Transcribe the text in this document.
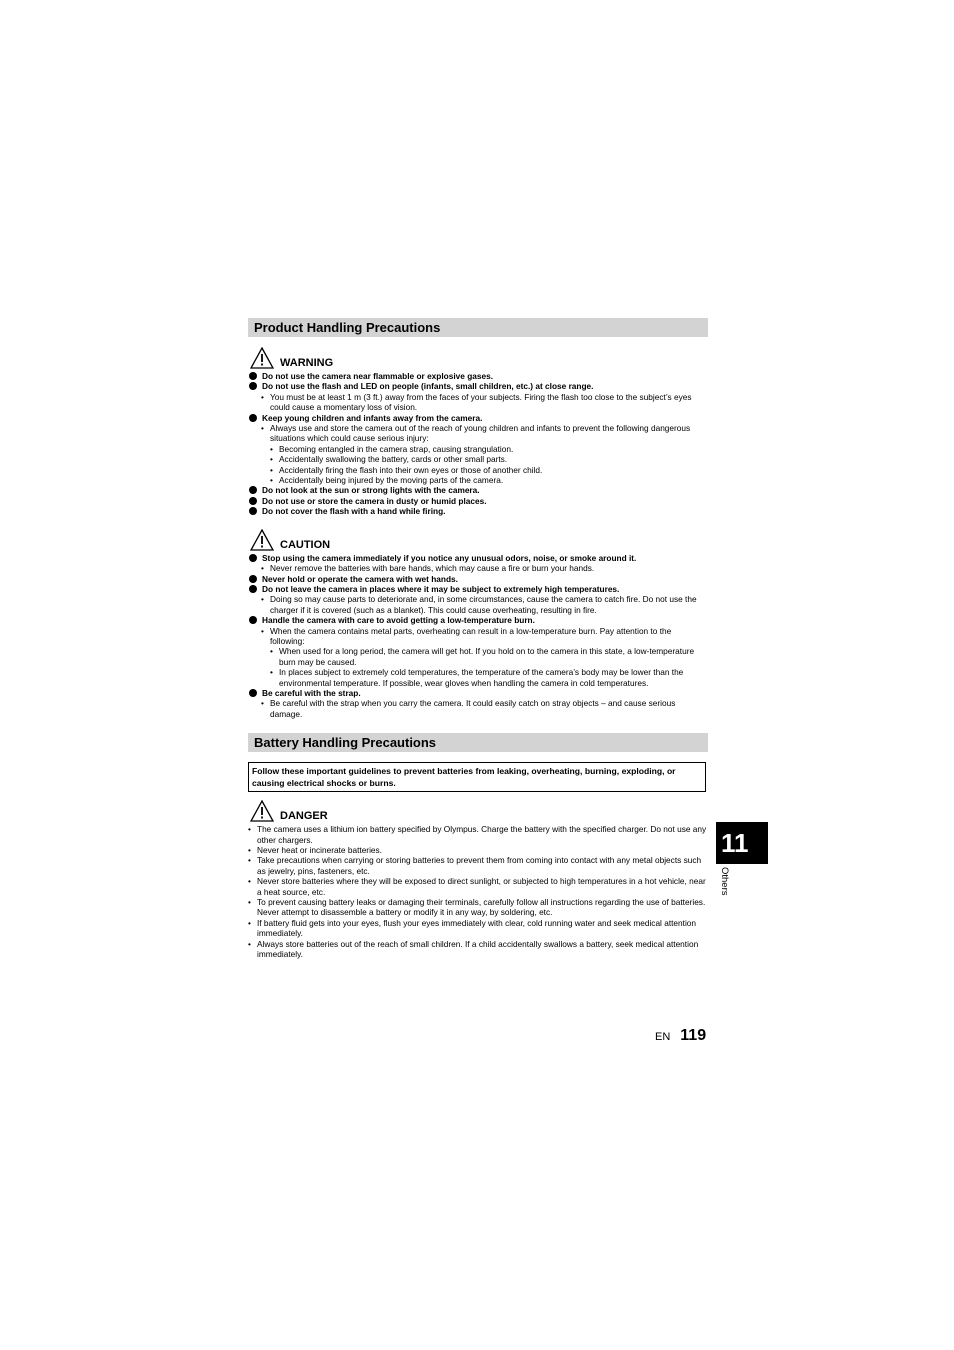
Product Handling Precautions
WARNING
Do not use the camera near flammable or explosive gases.
Do not use the flash and LED on people (infants, small children, etc.) at close range.
• You must be at least 1 m (3 ft.) away from the faces of your subjects. Firing the flash too close to the subject’s eyes could cause a momentary loss of vision.
Keep young children and infants away from the camera.
• Always use and store the camera out of the reach of young children and infants to prevent the following dangerous situations which could cause serious injury:
• Becoming entangled in the camera strap, causing strangulation.
• Accidentally swallowing the battery, cards or other small parts.
• Accidentally firing the flash into their own eyes or those of another child.
• Accidentally being injured by the moving parts of the camera.
Do not look at the sun or strong lights with the camera.
Do not use or store the camera in dusty or humid places.
Do not cover the flash with a hand while firing.
CAUTION
Stop using the camera immediately if you notice any unusual odors, noise, or smoke around it.
• Never remove the batteries with bare hands, which may cause a fire or burn your hands.
Never hold or operate the camera with wet hands.
Do not leave the camera in places where it may be subject to extremely high temperatures.
• Doing so may cause parts to deteriorate and, in some circumstances, cause the camera to catch fire. Do not use the charger if it is covered (such as a blanket). This could cause overheating, resulting in fire.
Handle the camera with care to avoid getting a low-temperature burn.
• When the camera contains metal parts, overheating can result in a low-temperature burn. Pay attention to the following:
• When used for a long period, the camera will get hot. If you hold on to the camera in this state, a low-temperature burn may be caused.
• In places subject to extremely cold temperatures, the temperature of the camera’s body may be lower than the environmental temperature. If possible, wear gloves when handling the camera in cold temperatures.
Be careful with the strap.
• Be careful with the strap when you carry the camera. It could easily catch on stray objects – and cause serious damage.
Battery Handling Precautions
Follow these important guidelines to prevent batteries from leaking, overheating, burning, exploding, or causing electrical shocks or burns.
DANGER
• The camera uses a lithium ion battery specified by Olympus. Charge the battery with the specified charger. Do not use any other chargers.
• Never heat or incinerate batteries.
• Take precautions when carrying or storing batteries to prevent them from coming into contact with any metal objects such as jewelry, pins, fasteners, etc.
• Never store batteries where they will be exposed to direct sunlight, or subjected to high temperatures in a hot vehicle, near a heat source, etc.
• To prevent causing battery leaks or damaging their terminals, carefully follow all instructions regarding the use of batteries. Never attempt to disassemble a battery or modify it in any way, by soldering, etc.
• If battery fluid gets into your eyes, flush your eyes immediately with clear, cold running water and seek medical attention immediately.
• Always store batteries out of the reach of small children. If a child accidentally swallows a battery, seek medical attention immediately.
11
Others
EN 119
